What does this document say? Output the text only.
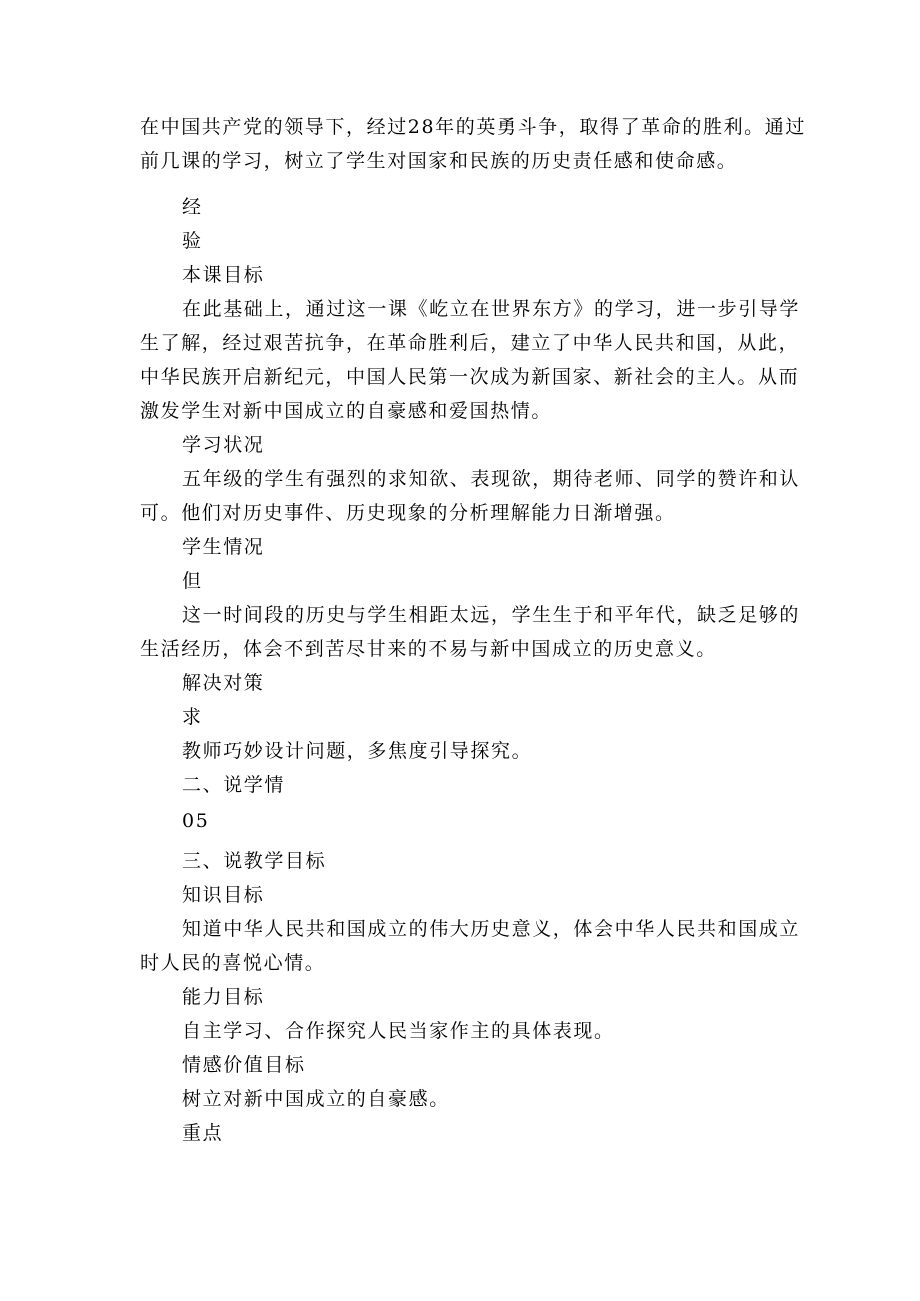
在中国共产党的领导下，经过28年的英勇斗争，取得了革命的胜利。通过

前几课的学习，树立了学生对国家和民族的历史责任感和使命感。

经

验

本课目标

在此基础上，通过这一课《屹立在世界东方》的学习，进一步引导学

生了解，经过艰苦抗争，在革命胜利后，建立了中华人民共和国，从此，

中华民族开启新纪元，中国人民第一次成为新国家、新社会的主人。从而

激发学生对新中国成立的自豪感和爱国热情。

学习状况

五年级的学生有强烈的求知欲、表现欲，期待老师、同学的赞许和认

可。他们对历史事件、历史现象的分析理解能力日渐增强。

学生情况

但

这一时间段的历史与学生相距太远，学生生于和平年代，缺乏足够的

生活经历，体会不到苦尽甘来的不易与新中国成立的历史意义。

解决对策

求

教师巧妙设计问题，多焦度引导探究。

二、说学情

05

三、说教学目标

知识目标

知道中华人民共和国成立的伟大历史意义，体会中华人民共和国成立

时人民的喜悦心情。

能力目标

自主学习、合作探究人民当家作主的具体表现。

情感价值目标

树立对新中国成立的自豪感。

重点
